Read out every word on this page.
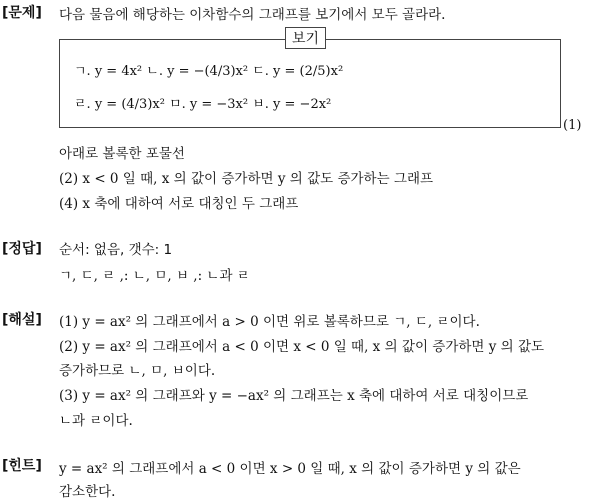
[문제] 다음 물음에 해당하는 이차함수의 그래프를 보기에서 모두 골라라.
보기
ㄱ. y = 4x² ㄴ. y = −(4/3)x² ㄷ. y = (2/5)x²
ㄹ. y = (4/3)x² ㅁ. y = −3x² ㅂ. y = −2x²
(1)
아래로 볼록한 포물선
(2) x < 0 일 때, x 의 값이 증가하면 y 의 값도 증가하는 그래프
(4) x 축에 대하여 서로 대칭인 두 그래프
[정답] 순서: 없음, 갯수: 1
ㄱ, ㄷ, ㄹ ,: ㄴ, ㅁ, ㅂ ,: ㄴ과 ㄹ
[해설] (1) y = ax² 의 그래프에서 a > 0 이면 위로 볼록하므로 ㄱ, ㄷ, ㄹ이다.
(2) y = ax² 의 그래프에서 a < 0 이면 x < 0 일 때, x 의 값이 증가하면 y 의 값도
증가하므로 ㄴ, ㅁ, ㅂ이다.
(3) y = ax² 의 그래프와 y = −ax² 의 그래프는 x 축에 대하여 서로 대칭이므로
ㄴ과 ㄹ이다.
[힌트] y = ax² 의 그래프에서 a < 0 이면 x > 0 일 때, x 의 값이 증가하면 y 의 값은
감소한다.
